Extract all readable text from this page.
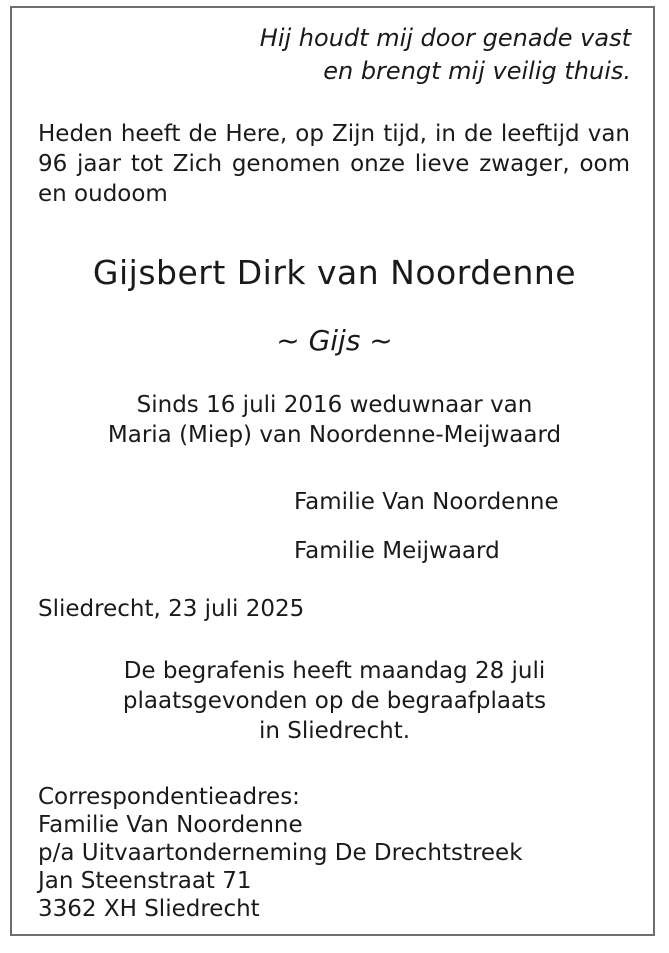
Hij houdt mij door genade vast
en brengt mij veilig thuis.

Heden heeft de Here, op Zijn tijd, in de leeftijd van 96 jaar tot Zich genomen onze lieve zwager, oom en oudoom

Gijsbert Dirk van Noordenne
~ Gijs ~
Sinds 16 juli 2016 weduwnaar van
Maria (Miep) van Noordenne-Meijwaard
Familie Van Noordenne
Familie Meijwaard
Sliedrecht, 23 juli 2025
De begrafenis heeft maandag 28 juli
plaatsgevonden op de begraafplaats
in Sliedrecht.
Correspondentieadres:
Familie Van Noordenne
p/a Uitvaartonderneming De Drechtstreek
Jan Steenstraat 71
3362 XH Sliedrecht
